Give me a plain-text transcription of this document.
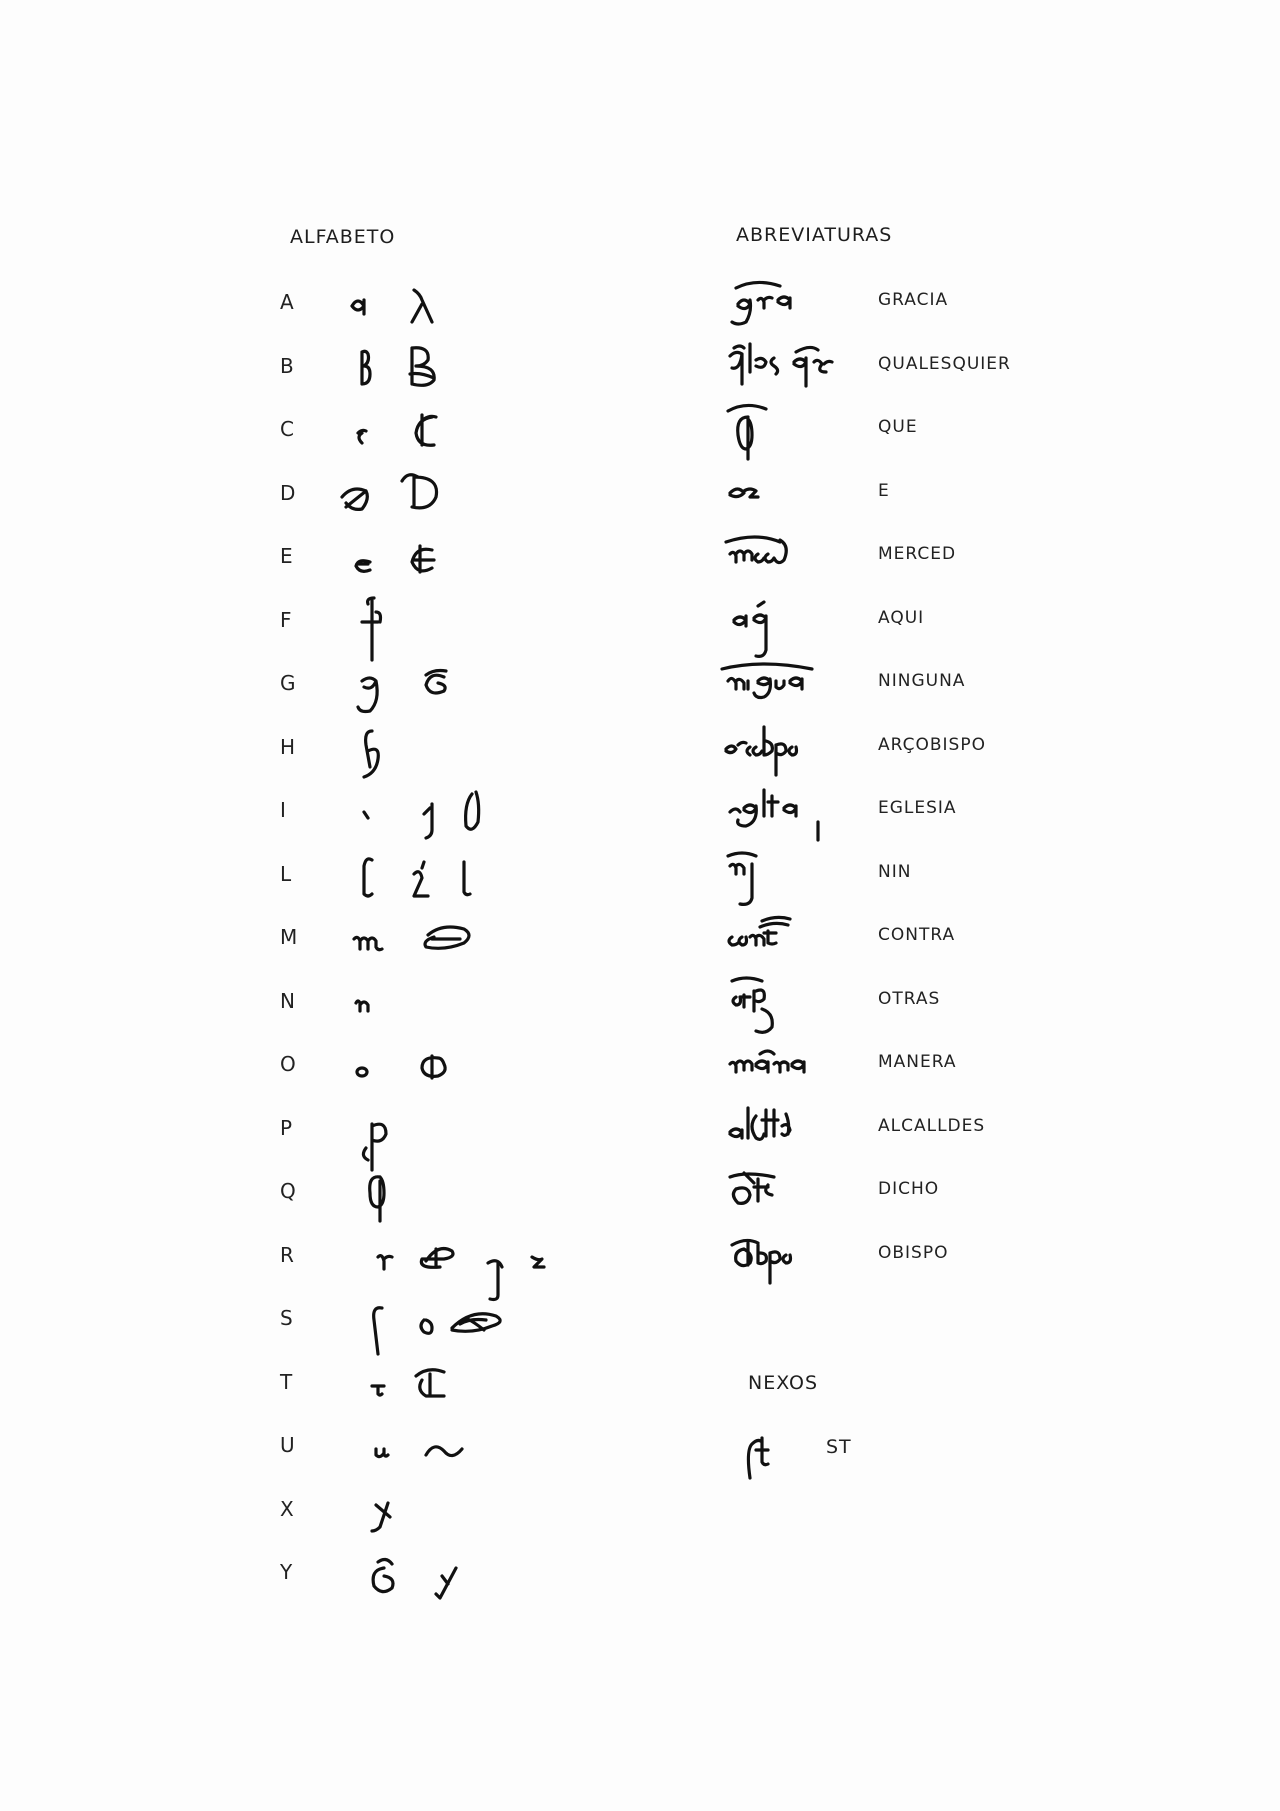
ALFABETO	ABREVIATURAS
NEXOS
A
B
C
D
E
F
G
H
I
L
M
N
O
P
Q
R
S
T
U
X
Y
GRACIA
QUALESQUIER
QUE
E
MERCED
AQUI
NINGUNA
ARÇOBISPO
EGLESIA
NIN
CONTRA
OTRAS
MANERA
ALCALLDES
DICHO
OBISPO
ST
